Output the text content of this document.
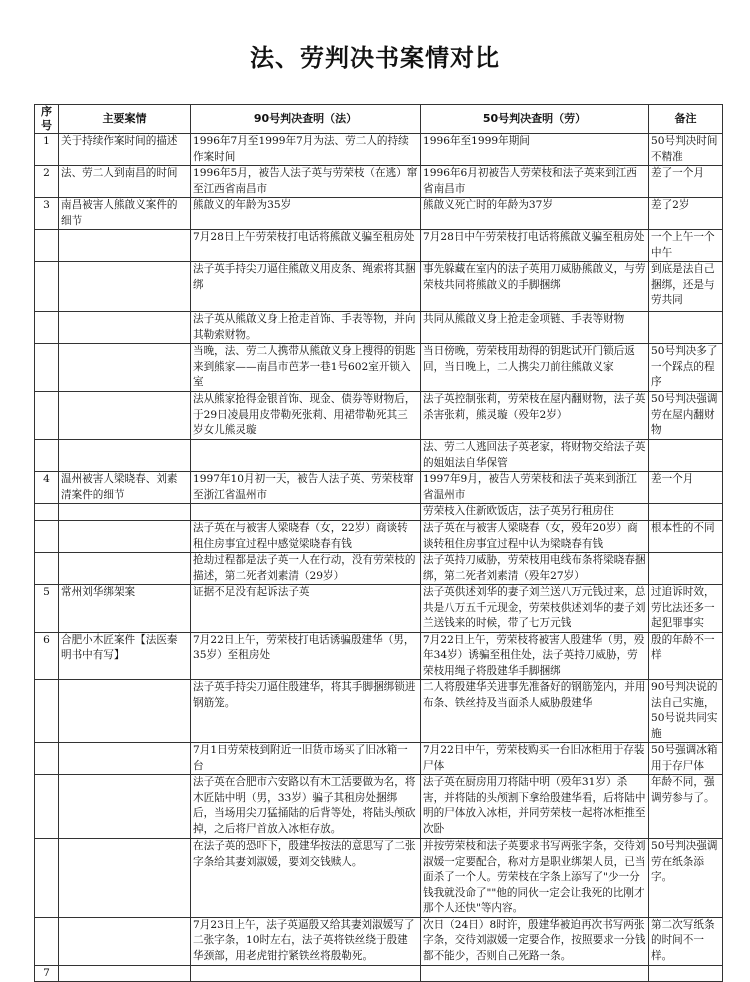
法、劳判决书案情对比
序号	主要案情	90号判决查明（法）	50号判决查明（劳）	备注
1	关于持续作案时间的描述	1996年7月至1999年7月为法、劳二人的持续作案时间	1996年至1999年期间	50号判决时间不精准
2	法、劳二人到南昌的时间	1996年5月，被告人法子英与劳荣枝（在逃）窜至江西省南昌市	1996年6月初被告人劳荣枝和法子英来到江西省南昌市	差了一个月
3	南昌被害人熊啟义案件的细节	熊啟义的年龄为35岁	熊啟义死亡时的年龄为37岁	差了2岁
		7月28日上午劳荣枝打电话将熊啟义骗至租房处	7月28日中午劳荣枝打电话将熊啟义骗至租房处	一个上午一个中午
		法子英手持尖刀逼住熊啟义用皮条、绳索将其捆绑	事先躲藏在室内的法子英用刀威胁熊啟义，与劳荣枝共同将熊啟义的手脚捆绑	到底是法自己捆绑，还是与劳共同
		法子英从熊啟义身上抢走首饰、手表等物，并向其勒索财物。	共同从熊啟义身上抢走金项链、手表等财物	
		当晚，法、劳二人携带从熊啟义身上搜得的钥匙来到熊家——南昌市芭茅一巷1号602室开锁入室	当日傍晚，劳荣枝用劫得的钥匙试开门锁后返回，当日晚上，二人携尖刀前往熊啟义家	50号判决多了一个踩点的程序
		法从熊家抢得金银首饰、现金、债券等财物后，于29日凌晨用皮带勒死张莉、用裙带勒死其三岁女儿熊灵璇	法子英控制张莉，劳荣枝在屋内翻财物，法子英杀害张莉，熊灵璇（殁年2岁）	50号判决强调劳在屋内翻财物
			法、劳二人逃回法子英老家，将财物交给法子英的姐姐法自华保管	
4	温州被害人梁晓春、刘素清案件的细节	1997年10月初一天，被告人法子英、劳荣枝窜至浙江省温州市	1997年9月，被告人劳荣枝和法子英来到浙江省温州市	差一个月
			劳荣枝入住新欧饭店，法子英另行租房住	
		法子英在与被害人梁晓春（女，22岁）商谈转租住房事宜过程中感觉梁晓春有钱	法子英在与被害人梁晓春（女，殁年20岁）商谈转租住房事宜过程中认为梁晓春有钱	根本性的不同
		抢劫过程都是法子英一人在行动，没有劳荣枝的描述，第二死者刘素清（29岁）	法子英持刀威胁，劳荣枝用电线布条将梁晓春捆绑，第二死者刘素清（殁年27岁）	
5	常州刘华绑架案	证据不足没有起诉法子英	法子英供述刘华的妻子刘兰送八万元钱过来，总共是八万五千元现金，劳荣枝供述刘华的妻子刘兰送钱来的时候，带了七万元钱	过追诉时效，劳比法还多一起犯罪事实
6	合肥小木匠案件【法医秦明书中有写】	7月22日上午，劳荣枝打电话诱骗殷建华（男，35岁）至租房处	7月22日上午，劳荣枝将被害人殷建华（男，殁年34岁）诱骗至租住处，法子英持刀威胁，劳荣枝用绳子将殷建华手脚捆绑	殷的年龄不一样
		法子英手持尖刀逼住殷建华，将其手脚捆绑锁进钢筋笼。	二人将殷建华关进事先准备好的钢筋笼内，并用布条、铁丝持及当面杀人威胁殷建华	90号判决说的法自己实施，50号说共同实施
		7月1日劳荣枝到附近一旧货市场买了旧冰箱一台	7月22日中午，劳荣枝购买一台旧冰柜用于存装尸体	50号强调冰箱用于存尸体
		法子英在合肥市六安路以有木工活要做为名，将木匠陆中明（男，33岁）骗子其租房处捆绑后，当场用尖刀猛捅陆的后背等处，将陆头颅砍掉，之后将尸首放入冰柜存放。	法子英在厨房用刀将陆中明（殁年31岁）杀害，并将陆的头颅割下拿给殷建华看，后将陆中明的尸体放入冰柜，并同劳荣枝一起将冰柜推至次卧	年龄不同，强调劳参与了。
		在法子英的恐吓下，殷建华按法的意思写了二张字条给其妻刘淑媛，要刘交钱赎人。	并按劳荣枝和法子英要求书写两张字条，交待刘淑媛一定要配合，称对方是职业绑架人员，已当面杀了一个人。劳荣枝在字条上添写了"少一分钱我就没命了""他的同伙一定会让我死的比刚才那个人还快"等内容。	50号判决强调劳在纸条添字。
		7月23日上午，法子英逼殷又给其妻刘淑媛写了二张字条，10时左右，法子英将铁丝绕于殷建华颈部，用老虎钳拧紧铁丝将殷勒死。	次日（24日）8时许，殷建华被迫再次书写两张字条，交待刘淑媛一定要合作，按照要求一分钱都不能少，否则自己死路一条。	第二次写纸条的时间不一样。
7				
